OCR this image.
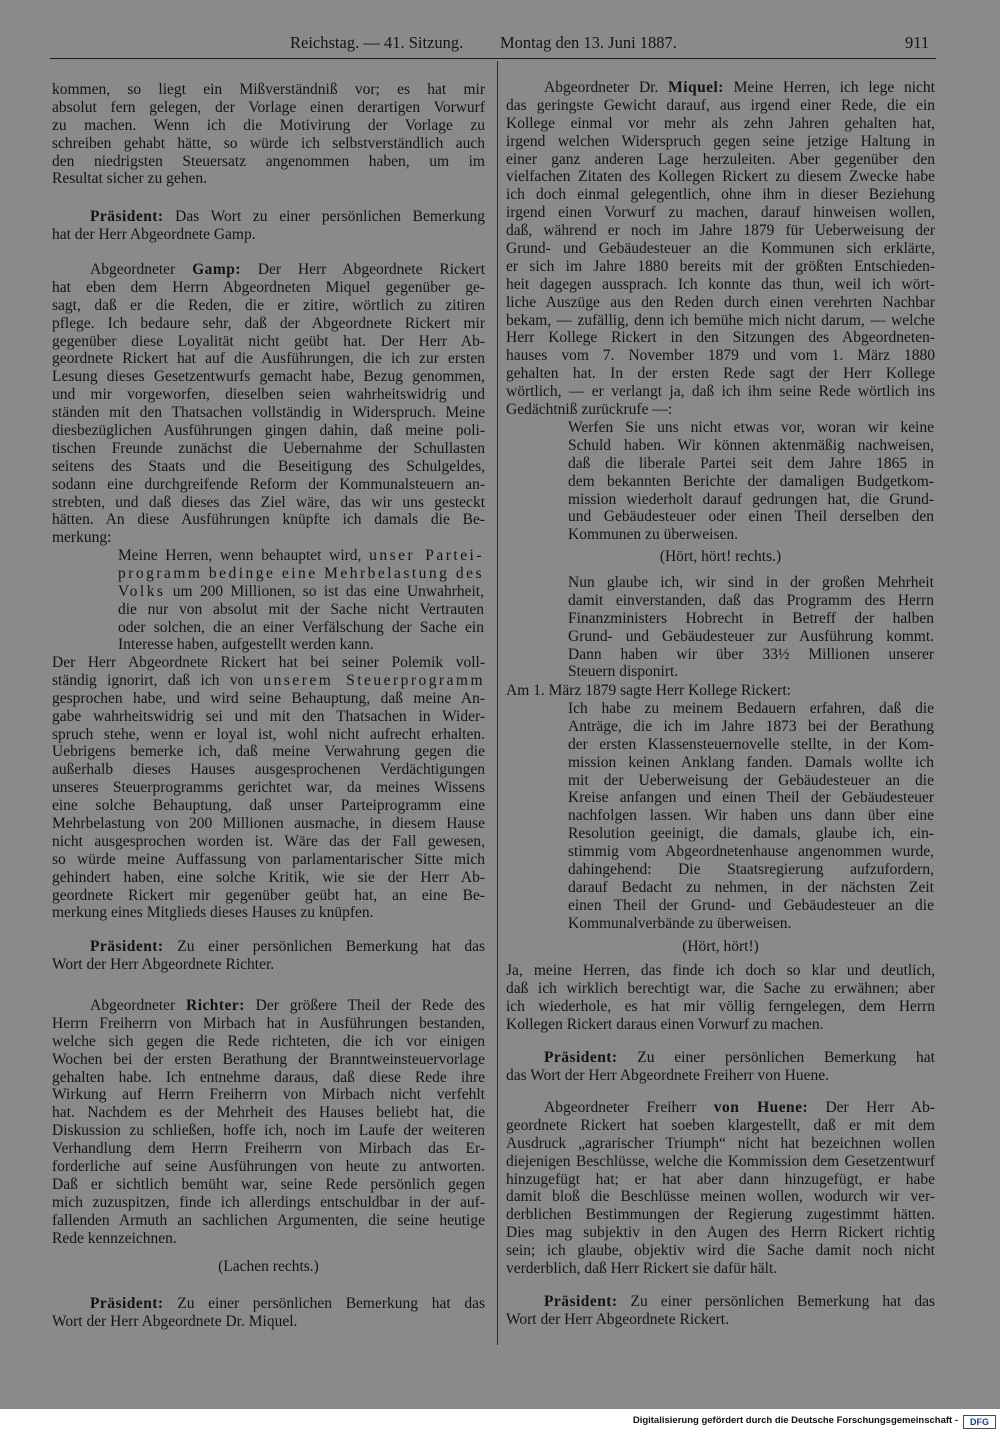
Reichstag. — 41. Sitzung. Montag den 13. Juni 1887.	911
kommen, so liegt ein Mißverständniß vor; es hat mir
absolut fern gelegen, der Vorlage einen derartigen Vorwurf
zu machen. Wenn ich die Motivirung der Vorlage zu
schreiben gehabt hätte, so würde ich selbstverständlich auch
den niedrigsten Steuersatz angenommen haben, um im
Resultat sicher zu gehen.
Präsident: Das Wort zu einer persönlichen Bemerkung
hat der Herr Abgeordnete Gamp.
Abgeordneter Gamp: Der Herr Abgeordnete Rickert
hat eben dem Herrn Abgeordneten Miquel gegenüber ge-
sagt, daß er die Reden, die er zitire, wörtlich zu zitiren
pflege. Ich bedaure sehr, daß der Abgeordnete Rickert mir
gegenüber diese Loyalität nicht geübt hat. Der Herr Ab-
geordnete Rickert hat auf die Ausführungen, die ich zur ersten
Lesung dieses Gesetzentwurfs gemacht habe, Bezug genommen,
und mir vorgeworfen, dieselben seien wahrheitswidrig und
ständen mit den Thatsachen vollständig in Widerspruch. Meine
diesbezüglichen Ausführungen gingen dahin, daß meine poli-
tischen Freunde zunächst die Uebernahme der Schullasten
seitens des Staats und die Beseitigung des Schulgeldes,
sodann eine durchgreifende Reform der Kommunalsteuern an-
strebten, und daß dieses das Ziel wäre, das wir uns gesteckt
hätten. An diese Ausführungen knüpfte ich damals die Be-
merkung:
Meine Herren, wenn behauptet wird, unser Partei-
programm bedinge eine Mehrbelastung des
Volks um 200 Millionen, so ist das eine Unwahrheit,
die nur von absolut mit der Sache nicht Vertrauten
oder solchen, die an einer Verfälschung der Sache ein
Interesse haben, aufgestellt werden kann.
Der Herr Abgeordnete Rickert hat bei seiner Polemik voll-
ständig ignorirt, daß ich von unserem Steuerprogramm
gesprochen habe, und wird seine Behauptung, daß meine An-
gabe wahrheitswidrig sei und mit den Thatsachen in Wider-
spruch stehe, wenn er loyal ist, wohl nicht aufrecht erhalten.
Uebrigens bemerke ich, daß meine Verwahrung gegen die
außerhalb dieses Hauses ausgesprochenen Verdächtigungen
unseres Steuerprogramms gerichtet war, da meines Wissens
eine solche Behauptung, daß unser Parteiprogramm eine
Mehrbelastung von 200 Millionen ausmache, in diesem Hause
nicht ausgesprochen worden ist. Wäre das der Fall gewesen,
so würde meine Auffassung von parlamentarischer Sitte mich
gehindert haben, eine solche Kritik, wie sie der Herr Ab-
geordnete Rickert mir gegenüber geübt hat, an eine Be-
merkung eines Mitglieds dieses Hauses zu knüpfen.
Präsident: Zu einer persönlichen Bemerkung hat das
Wort der Herr Abgeordnete Richter.
Abgeordneter Richter: Der größere Theil der Rede des
Herrn Freiherrn von Mirbach hat in Ausführungen bestanden,
welche sich gegen die Rede richteten, die ich vor einigen
Wochen bei der ersten Berathung der Branntweinsteuervorlage
gehalten habe. Ich entnehme daraus, daß diese Rede ihre
Wirkung auf Herrn Freiherrn von Mirbach nicht verfehlt
hat. Nachdem es der Mehrheit des Hauses beliebt hat, die
Diskussion zu schließen, hoffe ich, noch im Laufe der weiteren
Verhandlung dem Herrn Freiherrn von Mirbach das Er-
forderliche auf seine Ausführungen von heute zu antworten.
Daß er sichtlich bemüht war, seine Rede persönlich gegen
mich zuzuspitzen, finde ich allerdings entschuldbar in der auf-
fallenden Armuth an sachlichen Argumenten, die seine heutige
Rede kennzeichnen.
(Lachen rechts.)
Präsident: Zu einer persönlichen Bemerkung hat das
Wort der Herr Abgeordnete Dr. Miquel.
Abgeordneter Dr. Miquel: Meine Herren, ich lege nicht
das geringste Gewicht darauf, aus irgend einer Rede, die ein
Kollege einmal vor mehr als zehn Jahren gehalten hat,
irgend welchen Widerspruch gegen seine jetzige Haltung in
einer ganz anderen Lage herzuleiten. Aber gegenüber den
vielfachen Zitaten des Kollegen Rickert zu diesem Zwecke habe
ich doch einmal gelegentlich, ohne ihm in dieser Beziehung
irgend einen Vorwurf zu machen, darauf hinweisen wollen,
daß, während er noch im Jahre 1879 für Ueberweisung der
Grund- und Gebäudesteuer an die Kommunen sich erklärte,
er sich im Jahre 1880 bereits mit der größten Entschieden-
heit dagegen aussprach. Ich konnte das thun, weil ich wört-
liche Auszüge aus den Reden durch einen verehrten Nachbar
bekam, — zufällig, denn ich bemühe mich nicht darum, — welche
Herr Kollege Rickert in den Sitzungen des Abgeordneten-
hauses vom 7. November 1879 und vom 1. März 1880
gehalten hat. In der ersten Rede sagt der Herr Kollege
wörtlich, — er verlangt ja, daß ich ihm seine Rede wörtlich ins
Gedächtniß zurückrufe —:
Werfen Sie uns nicht etwas vor, woran wir keine
Schuld haben. Wir können aktenmäßig nachweisen,
daß die liberale Partei seit dem Jahre 1865 in
dem bekannten Berichte der damaligen Budgetkom-
mission wiederholt darauf gedrungen hat, die Grund-
und Gebäudesteuer oder einen Theil derselben den
Kommunen zu überweisen.
(Hört, hört! rechts.)
Nun glaube ich, wir sind in der großen Mehrheit
damit einverstanden, daß das Programm des Herrn
Finanzministers Hobrecht in Betreff der halben
Grund- und Gebäudesteuer zur Ausführung kommt.
Dann haben wir über 33½ Millionen unserer
Steuern disponirt.
Am 1. März 1879 sagte Herr Kollege Rickert:
Ich habe zu meinem Bedauern erfahren, daß die
Anträge, die ich im Jahre 1873 bei der Berathung
der ersten Klassensteuernovelle stellte, in der Kom-
mission keinen Anklang fanden. Damals wollte ich
mit der Ueberweisung der Gebäudesteuer an die
Kreise anfangen und einen Theil der Gebäudesteuer
nachfolgen lassen. Wir haben uns dann über eine
Resolution geeinigt, die damals, glaube ich, ein-
stimmig vom Abgeordnetenhause angenommen wurde,
dahingehend: Die Staatsregierung aufzufordern,
darauf Bedacht zu nehmen, in der nächsten Zeit
einen Theil der Grund- und Gebäudesteuer an die
Kommunalverbände zu überweisen.
(Hört, hört!)
Ja, meine Herren, das finde ich doch so klar und deutlich,
daß ich wirklich berechtigt war, die Sache zu erwähnen; aber
ich wiederhole, es hat mir völlig ferngelegen, dem Herrn
Kollegen Rickert daraus einen Vorwurf zu machen.
Präsident: Zu einer persönlichen Bemerkung hat
das Wort der Herr Abgeordnete Freiherr von Huene.
Abgeordneter Freiherr von Huene: Der Herr Ab-
geordnete Rickert hat soeben klargestellt, daß er mit dem
Ausdruck „agrarischer Triumph“ nicht hat bezeichnen wollen
diejenigen Beschlüsse, welche die Kommission dem Gesetzentwurf
hinzugefügt hat; er hat aber dann hinzugefügt, er habe
damit bloß die Beschlüsse meinen wollen, wodurch wir ver-
derblichen Bestimmungen der Regierung zugestimmt hätten.
Dies mag subjektiv in den Augen des Herrn Rickert richtig
sein; ich glaube, objektiv wird die Sache damit noch nicht
verderblich, daß Herr Rickert sie dafür hält.
Präsident: Zu einer persönlichen Bemerkung hat das
Wort der Herr Abgeordnete Rickert.
Digitalisierung gefördert durch die Deutsche Forschungsgemeinschaft -	DFG
